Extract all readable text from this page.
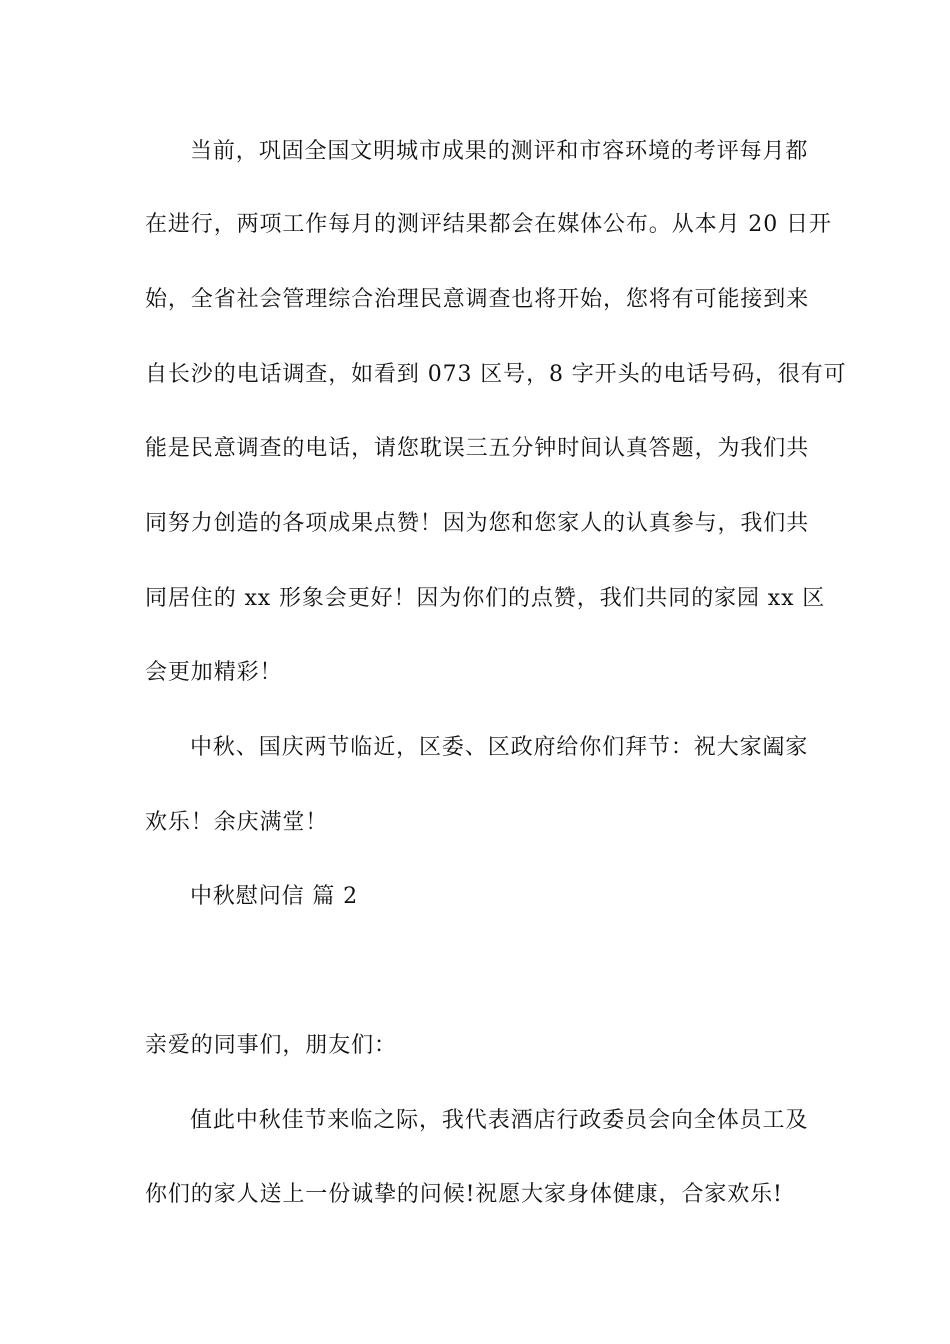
当前，巩固全国文明城市成果的测评和市容环境的考评每月都
在进行，两项工作每月的测评结果都会在媒体公布。从本月 20 日开
始，全省社会管理综合治理民意调查也将开始，您将有可能接到来
自长沙的电话调查，如看到 073 区号，8 字开头的电话号码，很有可
能是民意调查的电话，请您耽误三五分钟时间认真答题，为我们共
同努力创造的各项成果点赞！因为您和您家人的认真参与，我们共
同居住的 xx 形象会更好！因为你们的点赞，我们共同的家园 xx 区
会更加精彩！
中秋、国庆两节临近，区委、区政府给你们拜节：祝大家阖家
欢乐！余庆满堂！
中秋慰问信 篇 2
亲爱的同事们，朋友们：
值此中秋佳节来临之际，我代表酒店行政委员会向全体员工及
你们的家人送上一份诚挚的问候!祝愿大家身体健康，合家欢乐!
